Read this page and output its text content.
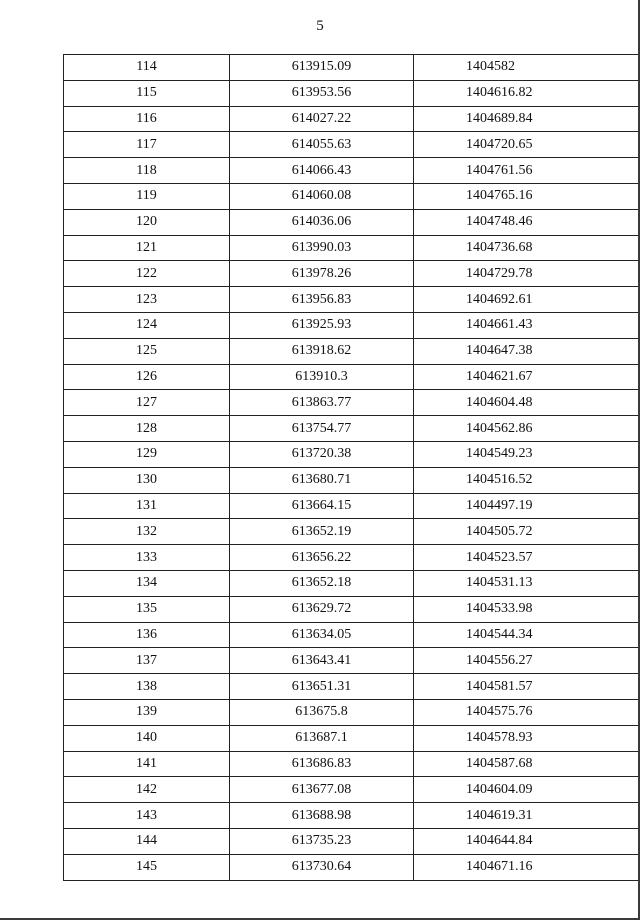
5
114	613915.09	1404582
115	613953.56	1404616.82
116	614027.22	1404689.84
117	614055.63	1404720.65
118	614066.43	1404761.56
119	614060.08	1404765.16
120	614036.06	1404748.46
121	613990.03	1404736.68
122	613978.26	1404729.78
123	613956.83	1404692.61
124	613925.93	1404661.43
125	613918.62	1404647.38
126	613910.3	1404621.67
127	613863.77	1404604.48
128	613754.77	1404562.86
129	613720.38	1404549.23
130	613680.71	1404516.52
131	613664.15	1404497.19
132	613652.19	1404505.72
133	613656.22	1404523.57
134	613652.18	1404531.13
135	613629.72	1404533.98
136	613634.05	1404544.34
137	613643.41	1404556.27
138	613651.31	1404581.57
139	613675.8	1404575.76
140	613687.1	1404578.93
141	613686.83	1404587.68
142	613677.08	1404604.09
143	613688.98	1404619.31
144	613735.23	1404644.84
145	613730.64	1404671.16
